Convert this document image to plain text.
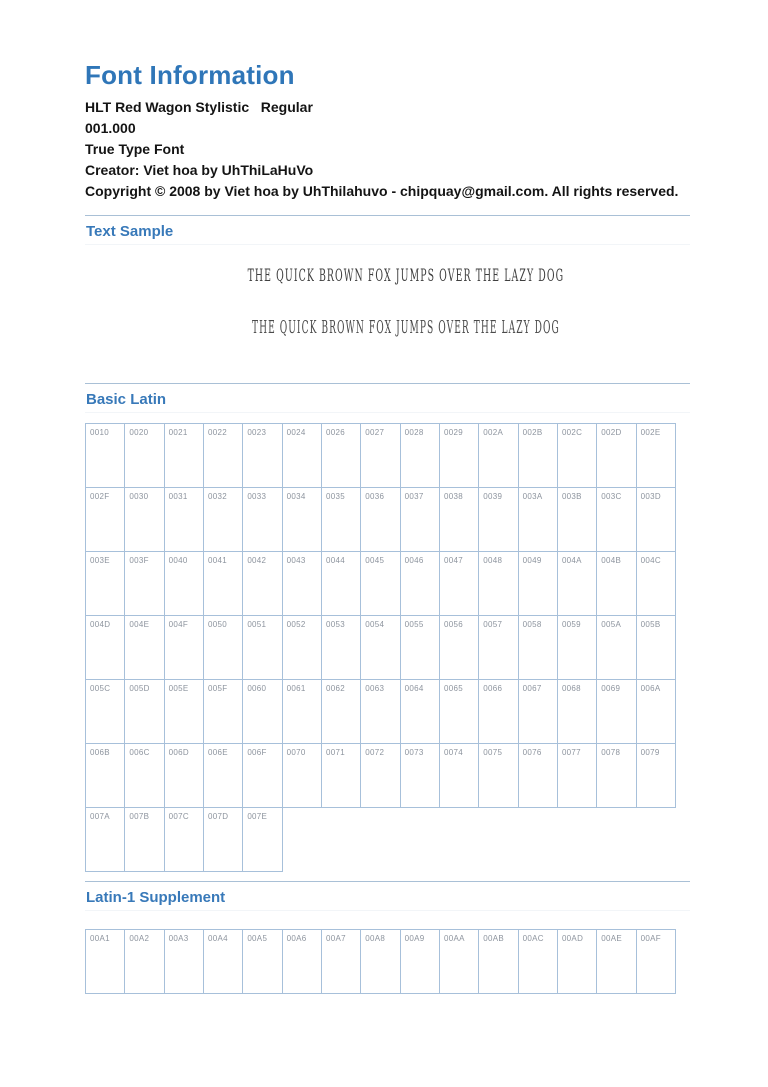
Font Information
HLT Red Wagon Stylistic   Regular
001.000
True Type Font
Creator: Viet hoa by UhThiLaHuVo
Copyright © 2008 by Viet hoa by UhThilahuvo - chipquay@gmail.com. All rights reserved.
Text Sample
THE QUICK BROWN FOX JUMPS OVER THE LAZY DOG
THE QUICK BROWN FOX JUMPS OVER THE LAZY DOG
Basic Latin
0010	0020	0021	0022	0023	0024	0026	0027	0028	0029	002A	002B	002C	002D	002E
002F	0030	0031	0032	0033	0034	0035	0036	0037	0038	0039	003A	003B	003C	003D
003E	003F	0040	0041	0042	0043	0044	0045	0046	0047	0048	0049	004A	004B	004C
004D	004E	004F	0050	0051	0052	0053	0054	0055	0056	0057	0058	0059	005A	005B
005C	005D	005E	005F	0060	0061	0062	0063	0064	0065	0066	0067	0068	0069	006A
006B	006C	006D	006E	006F	0070	0071	0072	0073	0074	0075	0076	0077	0078	0079
007A	007B	007C	007D	007E
Latin-1 Supplement
00A1	00A2	00A3	00A4	00A5	00A6	00A7	00A8	00A9	00AA	00AB	00AC	00AD	00AE	00AF
